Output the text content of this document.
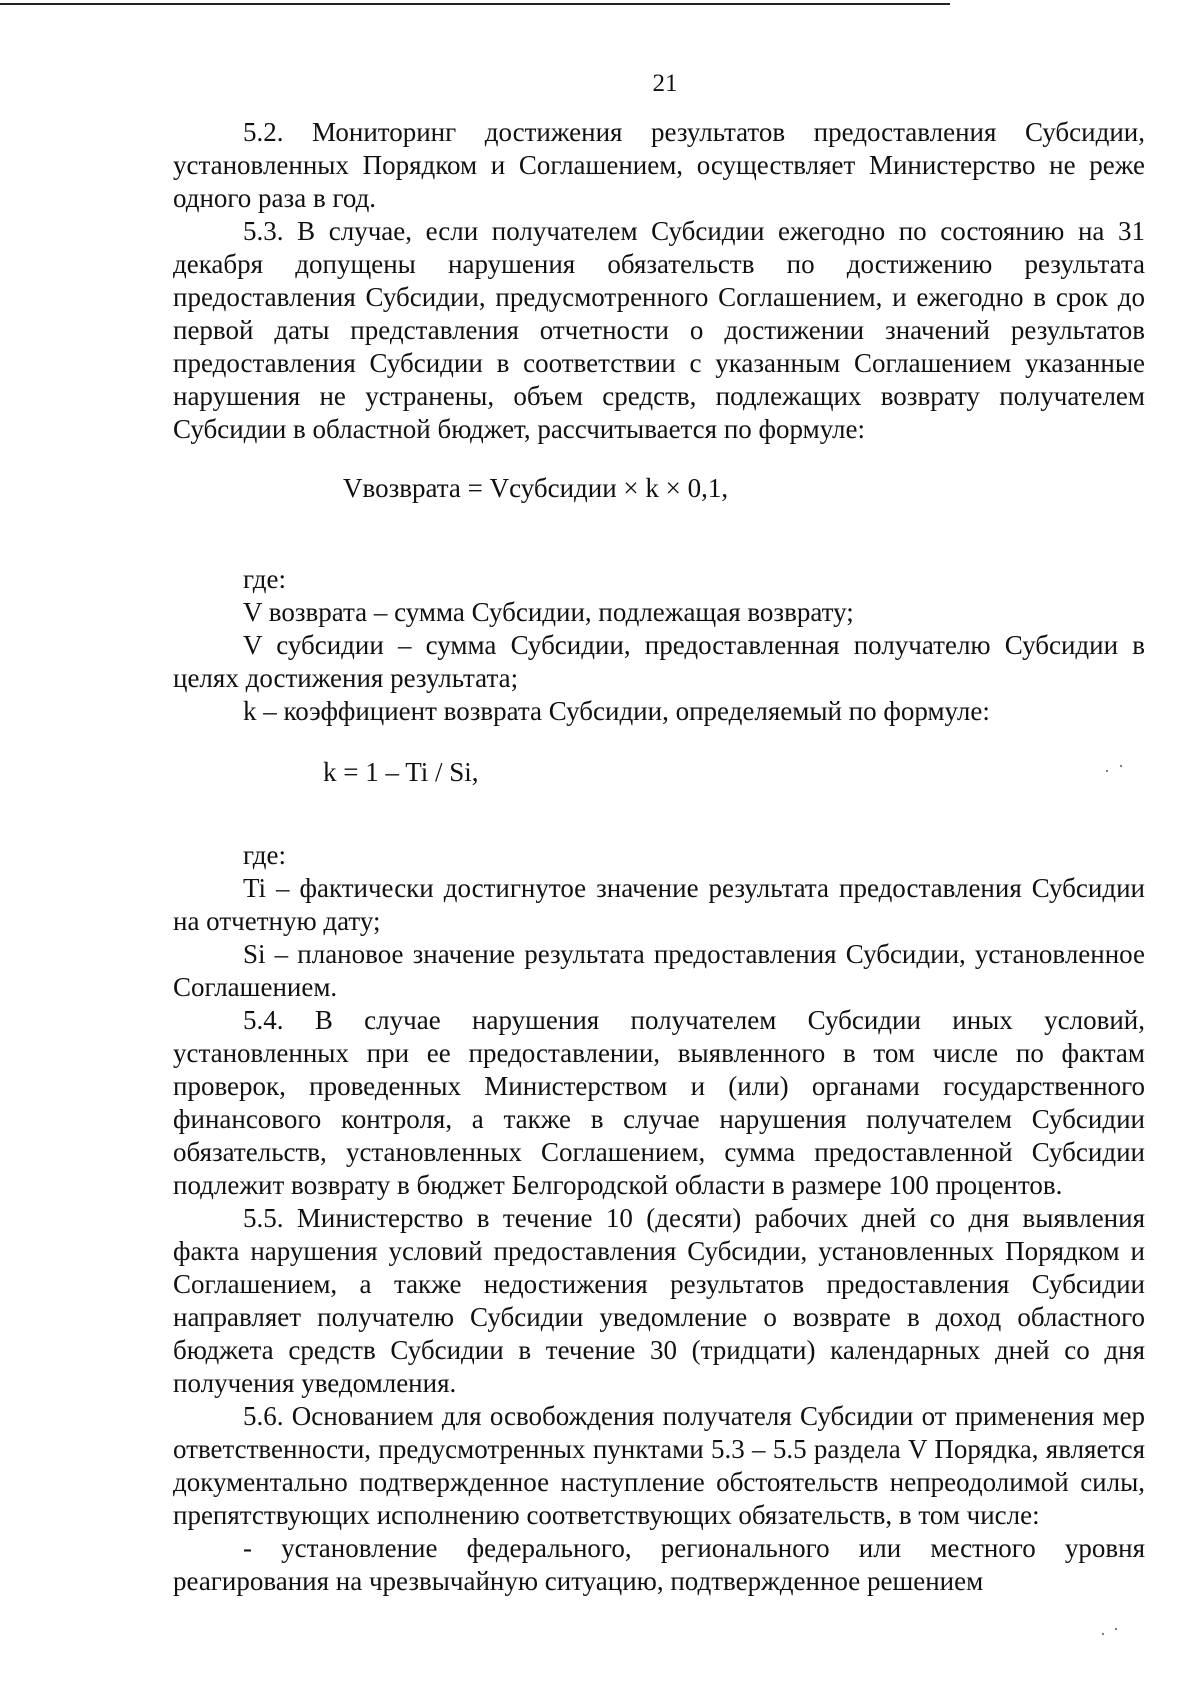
21

5.2. Мониторинг достижения результатов предоставления Субсидии, установленных Порядком и Соглашением, осуществляет Министерство не реже одного раза в год.

5.3. В случае, если получателем Субсидии ежегодно по состоянию на 31 декабря допущены нарушения обязательств по достижению результата предоставления Субсидии, предусмотренного Соглашением, и ежегодно в срок до первой даты представления отчетности о достижении значений результатов предоставления Субсидии в соответствии с указанным Соглашением указанные нарушения не устранены, объем средств, подлежащих возврату получателем Субсидии в областной бюджет, рассчитывается по формуле:

Vвозврата = Vсубсидии × k × 0,1,

где:

V возврата – сумма Субсидии, подлежащая возврату;

V субсидии – сумма Субсидии, предоставленная получателю Субсидии в целях достижения результата;

k – коэффициент возврата Субсидии, определяемый по формуле:

k = 1 – Ti / Si,

где:

Ti – фактически достигнутое значение результата предоставления Субсидии на отчетную дату;

Si – плановое значение результата предоставления Субсидии, установленное Соглашением.

5.4. В случае нарушения получателем Субсидии иных условий, установленных при ее предоставлении, выявленного в том числе по фактам проверок, проведенных Министерством и (или) органами государственного финансового контроля, а также в случае нарушения получателем Субсидии обязательств, установленных Соглашением, сумма предоставленной Субсидии подлежит возврату в бюджет Белгородской области в размере 100 процентов.

5.5. Министерство в течение 10 (десяти) рабочих дней со дня выявления факта нарушения условий предоставления Субсидии, установленных Порядком и Соглашением, а также недостижения результатов предоставления Субсидии направляет получателю Субсидии уведомление о возврате в доход областного бюджета средств Субсидии в течение 30 (тридцати) календарных дней со дня получения уведомления.

5.6. Основанием для освобождения получателя Субсидии от применения мер ответственности, предусмотренных пунктами 5.3 – 5.5 раздела V Порядка, является документально подтвержденное наступление обстоятельств непреодолимой силы, препятствующих исполнению соответствующих обязательств, в том числе:

- установление федерального, регионального или местного уровня реагирования на чрезвычайную ситуацию, подтвержденное решением
